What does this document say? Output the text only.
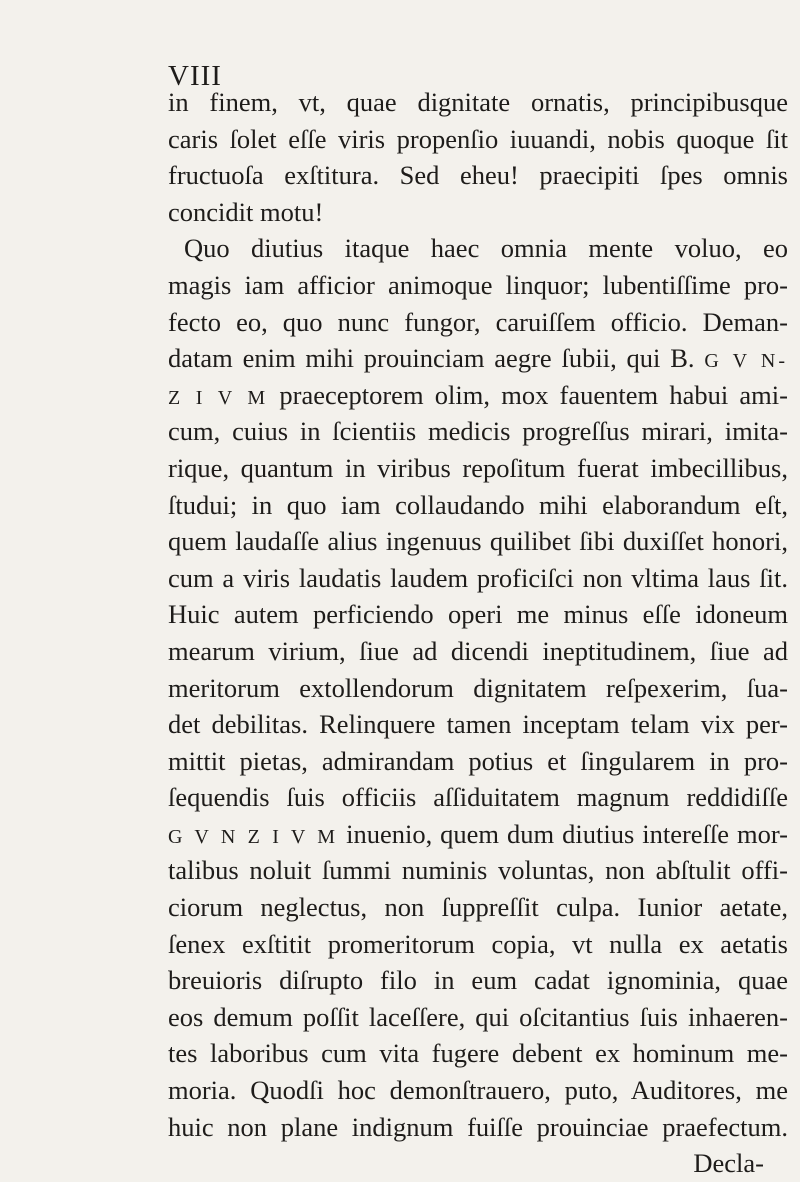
VIII
in finem, vt, quae dignitate ornatis, principibusque
caris ſolet eſſe viris propenſio iuuandi, nobis quoque ſit
fructuoſa exſtitura. Sed eheu! praecipiti ſpes omnis
concidit motu!
Quo diutius itaque haec omnia mente voluo, eo
magis iam afficior animoque linquor; lubentiſſime pro-
fecto eo, quo nunc fungor, caruiſſem officio. Deman-
datam enim mihi prouinciam aegre ſubii, qui B. G V N-
Z I V M praeceptorem olim, mox fauentem habui ami-
cum, cuius in ſcientiis medicis progreſſus mirari, imita-
rique, quantum in viribus repoſitum fuerat imbecillibus,
ſtudui; in quo iam collaudando mihi elaborandum eſt,
quem laudaſſe alius ingenuus quilibet ſibi duxiſſet honori,
cum a viris laudatis laudem proficiſci non vltima laus ſit.
Huic autem perficiendo operi me minus eſſe idoneum
mearum virium, ſiue ad dicendi ineptitudinem, ſiue ad
meritorum extollendorum dignitatem reſpexerim, ſua-
det debilitas. Relinquere tamen inceptam telam vix per-
mittit pietas, admirandam potius et ſingularem in pro-
ſequendis ſuis officiis aſſiduitatem magnum reddidiſſe
G V N Z I V M inuenio, quem dum diutius intereſſe mor-
talibus noluit ſummi numinis voluntas, non abſtulit offi-
ciorum neglectus, non ſuppreſſit culpa. Iunior aetate,
ſenex exſtitit promeritorum copia, vt nulla ex aetatis
breuioris diſrupto filo in eum cadat ignominia, quae
eos demum poſſit laceſſere, qui oſcitantius ſuis inhaeren-
tes laboribus cum vita fugere debent ex hominum me-
moria. Quodſi hoc demonſtrauero, puto, Auditores, me
huic non plane indignum fuiſſe prouinciae praefectum.
Decla-
